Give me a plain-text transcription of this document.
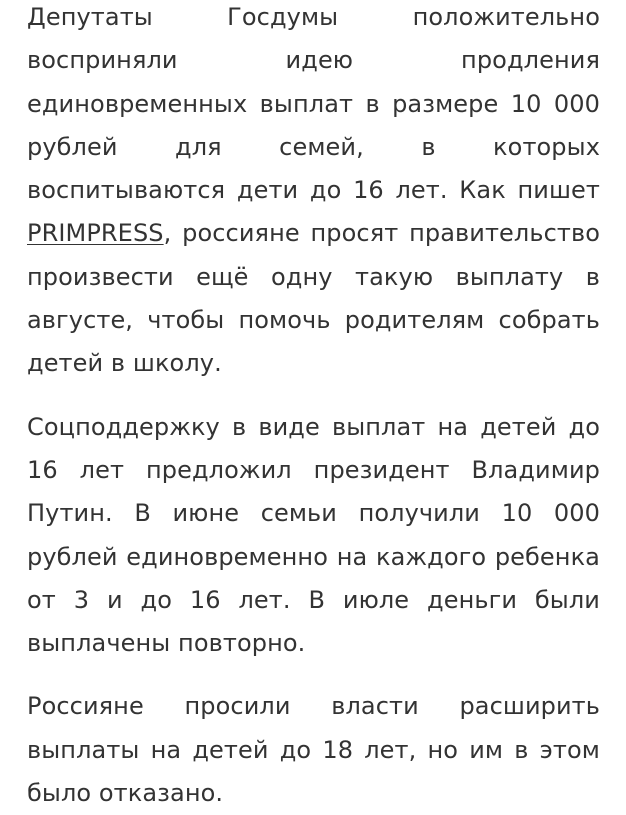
Депутаты Госдумы положительно восприняли идею продления единовременных выплат в размере 10 000 рублей для семей, в которых воспитываются дети до 16 лет. Как пишет PRIMPRESS, россияне просят правительство произвести ещё одну такую выплату в августе, чтобы помочь родителям собрать детей в школу.

Соцподдержку в виде выплат на детей до 16 лет предложил президент Владимир Путин. В июне семьи получили 10 000 рублей единовременно на каждого ребенка от 3 и до 16 лет. В июле деньги были выплачены повторно.

Россияне просили власти расширить выплаты на детей до 18 лет, но им в этом было отказано.
